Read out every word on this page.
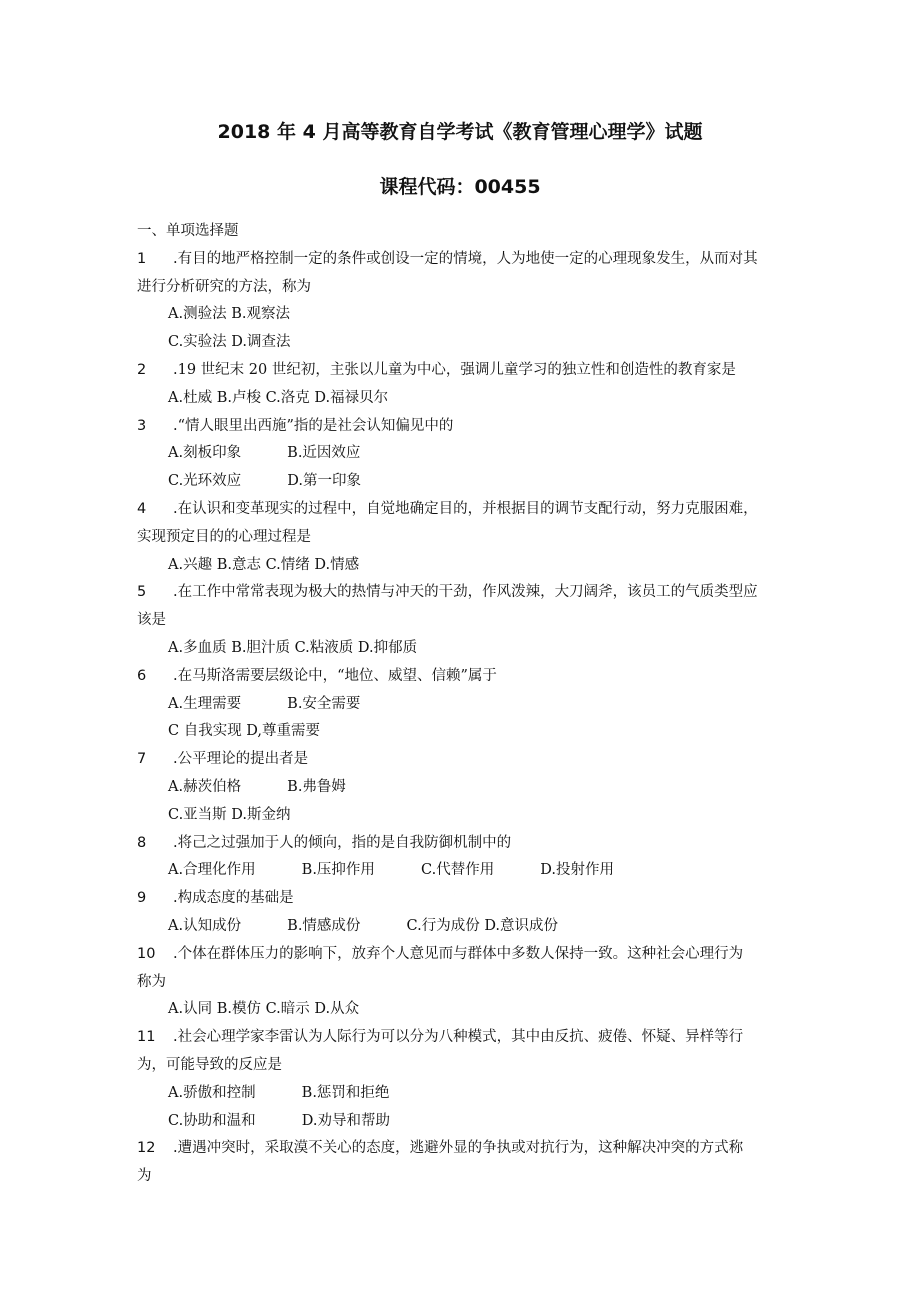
2018 年 4 月高等教育自学考试《教育管理心理学》试题
课程代码：00455
一、单项选择题
1	.有目的地严格控制一定的条件或创设一定的情境，人为地使一定的心理现象发生，从而对其
进行分析研究的方法，称为
A.测验法 B.观察法
C.实验法 D.调查法
2	.19 世纪末 20 世纪初，主张以儿童为中心，强调儿童学习的独立性和创造性的教育家是
A.杜威 B.卢梭 C.洛克 D.福禄贝尔
3	.“情人眼里出西施”指的是社会认知偏见中的
A.刻板印象          B.近因效应
C.光环效应          D.第一印象
4	.在认识和变革现实的过程中，自觉地确定目的，并根据目的调节支配行动，努力克服困难，
实现预定目的的心理过程是
A.兴趣 B.意志 C.情绪 D.情感
5	.在工作中常常表现为极大的热情与冲天的干劲，作风泼辣，大刀阔斧，该员工的气质类型应
该是
A.多血质 B.胆汁质 C.粘液质 D.抑郁质
6	.在马斯洛需要层级论中，“地位、威望、信赖”属于
A.生理需要          B.安全需要
C 自我实现 D,尊重需要
7	.公平理论的提出者是
A.赫茨伯格          B.弗鲁姆
C.亚当斯 D.斯金纳
8	.将己之过强加于人的倾向，指的是自我防御机制中的
A.合理化作用          B.压抑作用          C.代替作用          D.投射作用
9	.构成态度的基础是
A.认知成份          B.情感成份          C.行为成份 D.意识成份
10	.个体在群体压力的影响下，放弃个人意见而与群体中多数人保持一致。这种社会心理行为
称为
A.认同 B.模仿 C.暗示 D.从众
11	.社会心理学家李雷认为人际行为可以分为八种模式，其中由反抗、疲倦、怀疑、异样等行
为，可能导致的反应是
A.骄傲和控制          B.惩罚和拒绝
C.协助和温和          D.劝导和帮助
12	.遭遇冲突时，采取漠不关心的态度，逃避外显的争执或对抗行为，这种解决冲突的方式称
为
